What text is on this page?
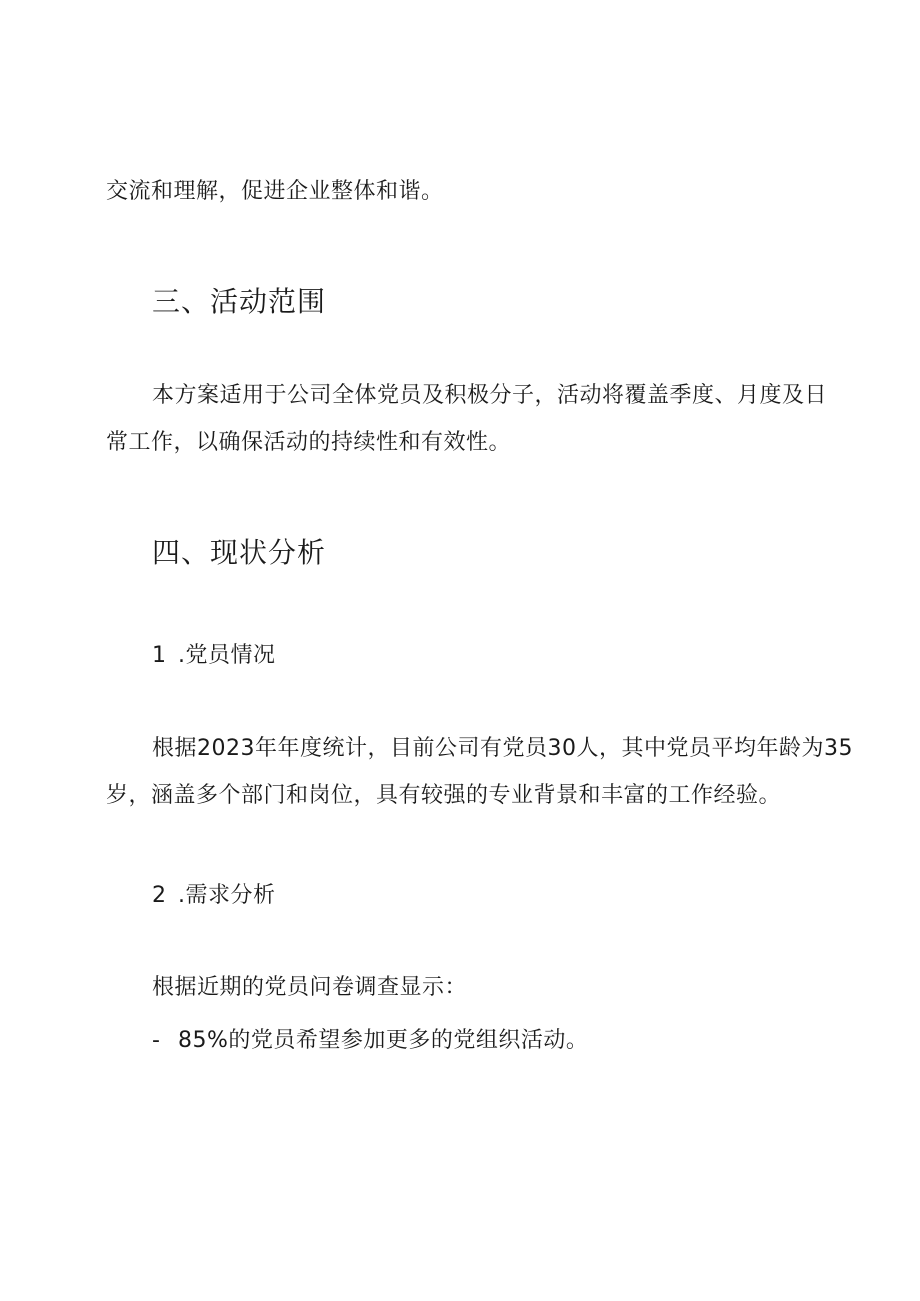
交流和理解，促进企业整体和谐。
三、活动范围
本方案适用于公司全体党员及积极分子，活动将覆盖季度、月度及日
常工作，以确保活动的持续性和有效性。
四、现状分析
1 .党员情况
根据2023年年度统计，目前公司有党员30人，其中党员平均年龄为35
岁，涵盖多个部门和岗位，具有较强的专业背景和丰富的工作经验。
2 .需求分析
根据近期的党员问卷调查显示：
- 85%的党员希望参加更多的党组织活动。
